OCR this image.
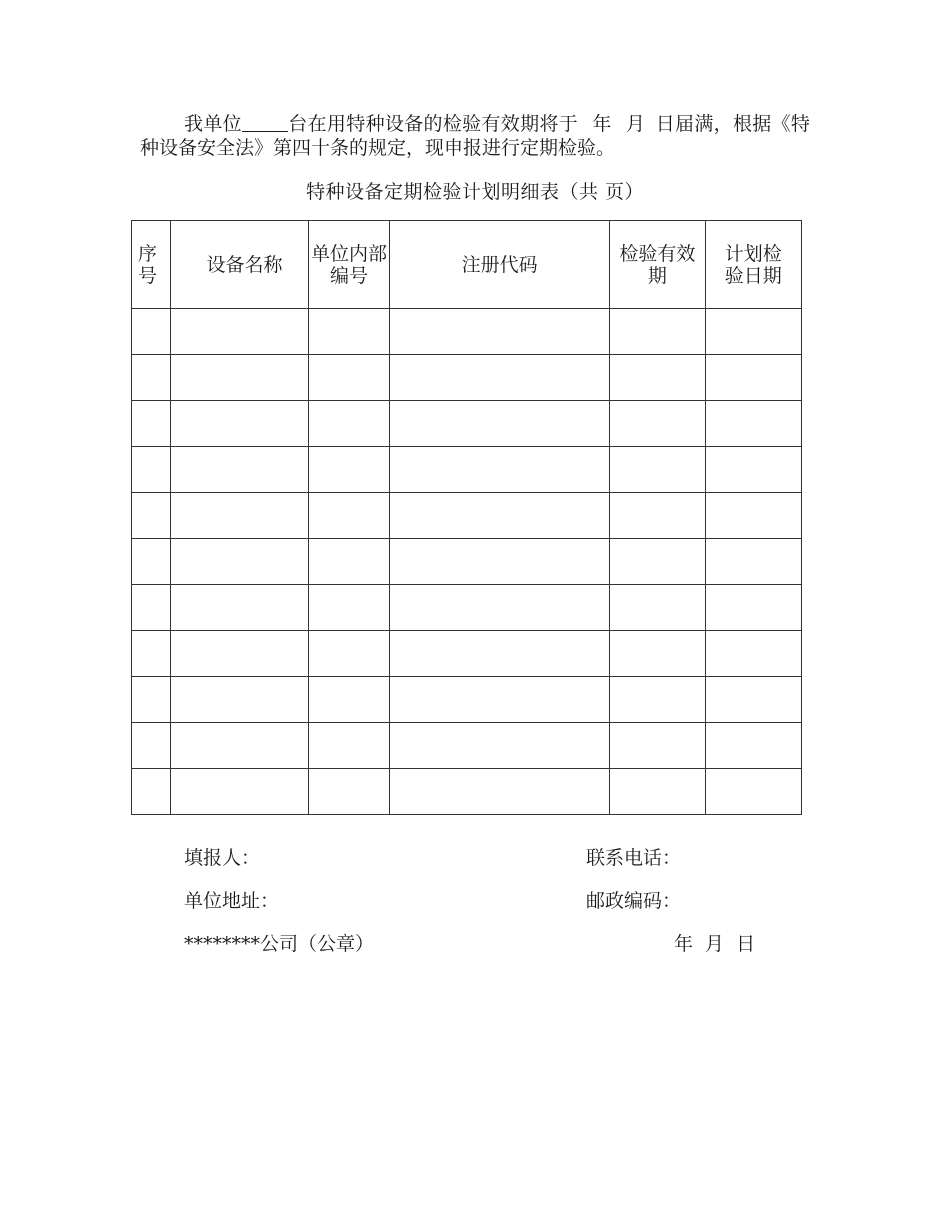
我单位 台在用特种设备的检验有效期将于 年 月 日届满，根据《特种设备安全法》第四十条的规定，现申报进行定期检验。
特种设备定期检验计划明细表（共 页）
序号	设备名称	单位内部编号	注册代码	检验有效期	计划检验日期

填报人：	联系电话：
单位地址：	邮政编码：
********公司（公章）	年 月 日
